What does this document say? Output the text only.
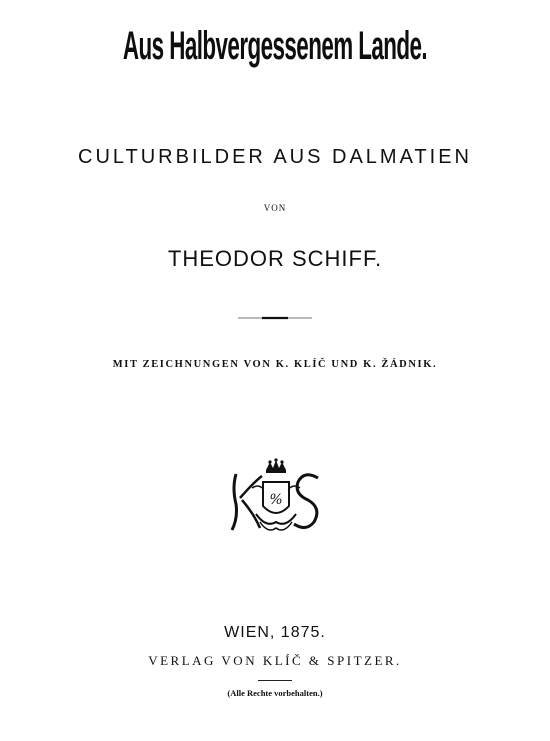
Aus Halbvergessenem Lande.
CULTURBILDER AUS DALMATIEN
VON
THEODOR SCHIFF.
MIT ZEICHNUNGEN VON K. KLÍČ UND K. ŽÁDNIK.
%
WIEN, 1875.
VERLAG VON KLÍČ & SPITZER.
(Alle Rechte vorbehalten.)
